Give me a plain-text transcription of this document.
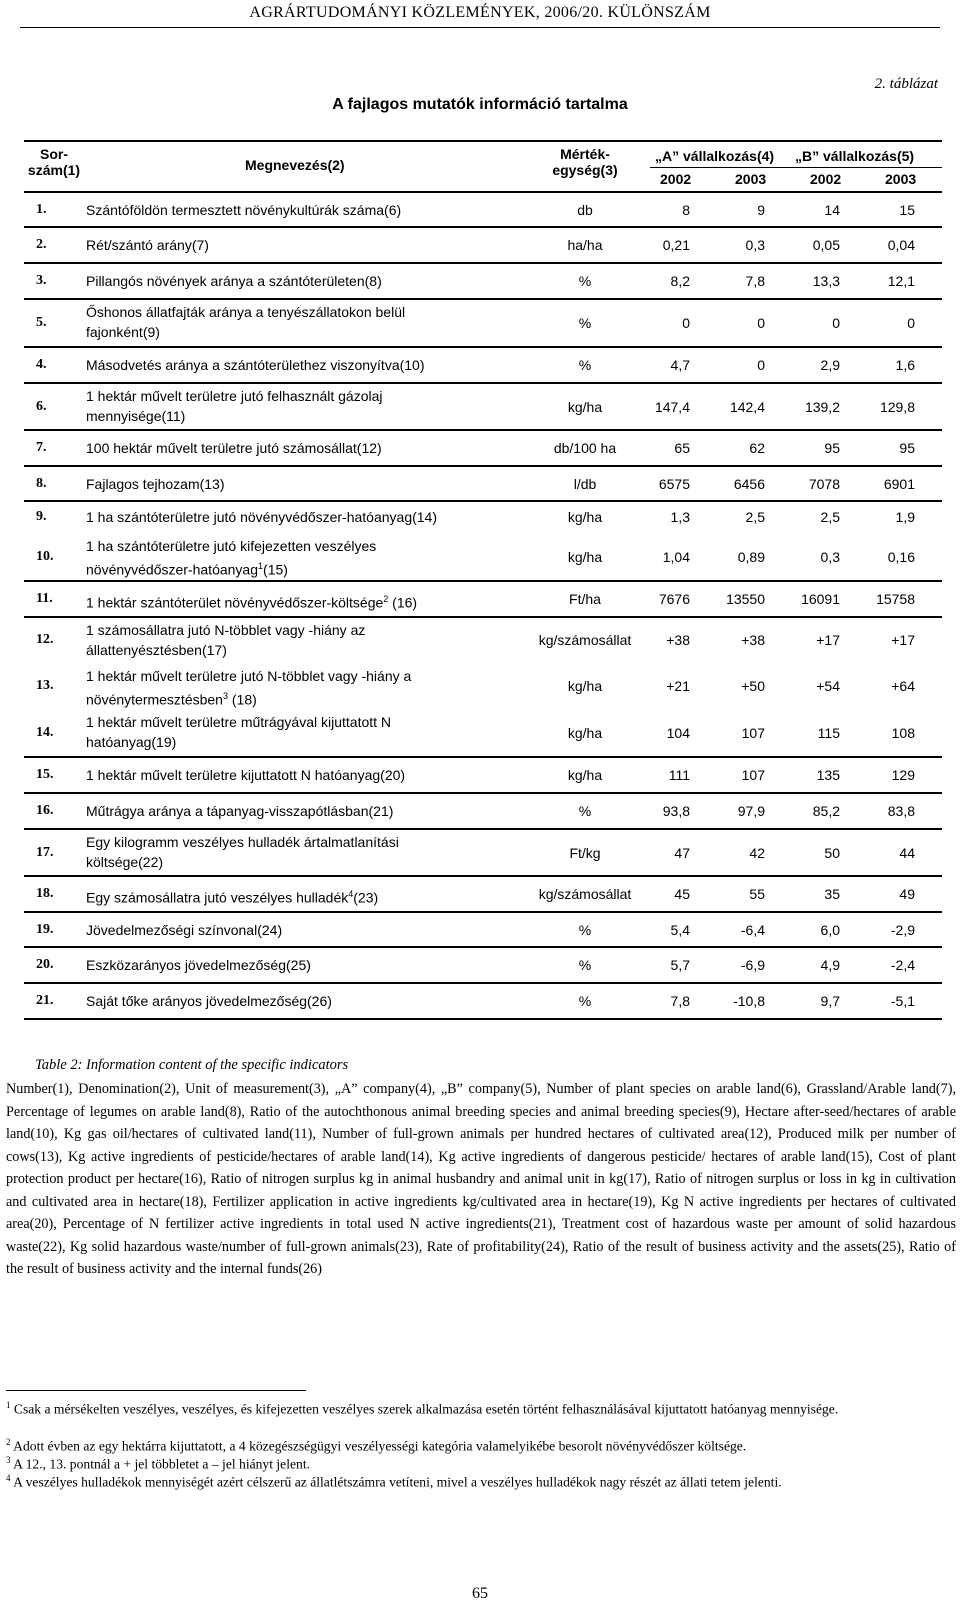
AGRÁRTUDOMÁNYI KÖZLEMÉNYEK, 2006/20. KÜLÖNSZÁM
2. táblázat
A fajlagos mutatók információ tartalma
Sor-
szám(1)	Megnevezés(2)
Mérték-
egység(3)
„A” vállalkozás(4) „B” vállalkozás(5)
2002	2003	2002	2003
1.	Szántóföldön termesztett növénykultúrák száma(6)	db	8	9	14	15
2.	Rét/szántó arány(7)	ha/ha	0,21	0,3	0,05	0,04
3.	Pillangós növények aránya a szántóterületen(8)	%	8,2	7,8	13,3	12,1
5.
Őshonos állatfajták aránya a tenyészállatokon belül
fajonként(9)
%	0	0	0	0
4.	Másodvetés aránya a szántóterülethez viszonyítva(10)	%	4,7	0	2,9	1,6
6.
1 hektár művelt területre jutó felhasznált gázolaj
mennyisége(11)
kg/ha	147,4	142,4	139,2	129,8
7.	100 hektár művelt területre jutó számosállat(12)	db/100 ha	65	62	95	95
8.	Fajlagos tejhozam(13)	l/db	6575	6456	7078	6901
9.	1 ha szántóterületre jutó növényvédőszer-hatóanyag(14)	kg/ha	1,3	2,5	2,5	1,9
10.
1 ha szántóterületre jutó kifejezetten veszélyes
növényvédőszer-hatóanyag$^1$(15)
kg/ha	1,04	0,89	0,3	0,16
11. 1 hektár szántóterület növényvédőszer-költsége$^2$ (16)	Ft/ha	7676	13550	16091	15758
12.
1 számosállatra jutó N-többlet vagy -hiány az
állattenyésztésben(17)
kg/számosállat	+38	+38	+17	+17
13.
1 hektár művelt területre jutó N-többlet vagy -hiány a
növénytermesztésben$^3$ (18)
kg/ha	+21	+50	+54	+64
14.
1 hektár művelt területre műtrágyával kijuttatott N
hatóanyag(19)
kg/ha	104	107	115	108
15. 1 hektár művelt területre kijuttatott N hatóanyag(20)	kg/ha	111	107	135	129
16. Műtrágya aránya a tápanyag-visszapótlásban(21)	%	93,8	97,9	85,2	83,8
17.
Egy kilogramm veszélyes hulladék ártalmatlanítási
költsége(22)
Ft/kg	47	42	50	44
18. Egy számosállatra jutó veszélyes hulladék$^4$(23)	kg/számosállat	45	55	35	49
19. Jövedelmezőségi színvonal(24)	%	5,4	-6,4	6,0	-2,9
20. Eszközarányos jövedelmezőség(25)	%	5,7	-6,9	4,9	-2,4
21. Saját tőke arányos jövedelmezőség(26)	%	7,8	-10,8	9,7	-5,1
Table 2: Information content of the specific indicators
Number(1), Denomination(2), Unit of measurement(3), „A” company(4), „B” company(5), Number of plant species on arable land(6), Grassland/Arable land(7), Percentage of legumes on arable land(8), Ratio of the autochthonous animal breeding species and animal breeding species(9), Hectare after-seed/hectares of arable land(10), Kg gas oil/hectares of cultivated land(11), Number of full-grown animals per hundred hectares of cultivated area(12), Produced milk per number of cows(13), Kg active ingredients of pesticide/hectares of arable land(14), Kg active ingredients of dangerous pesticide/ hectares of arable land(15), Cost of plant protection product per hectare(16), Ratio of nitrogen surplus kg in animal husbandry and animal unit in kg(17), Ratio of nitrogen surplus or loss in kg in cultivation and cultivated area in hectare(18), Fertilizer application in active ingredients kg/cultivated area in hectare(19), Kg N active ingredients per hectares of cultivated area(20), Percentage of N fertilizer active ingredients in total used N active ingredients(21), Treatment cost of hazardous waste per amount of solid hazardous waste(22), Kg solid hazardous waste/number of full-grown animals(23), Rate of profitability(24), Ratio of the result of business activity and the assets(25), Ratio of the result of business activity and the internal funds(26)
$^1$ Csak a mérsékelten veszélyes, veszélyes, és kifejezetten veszélyes szerek alkalmazása esetén történt felhasználásával kijuttatott hatóanyag mennyisége.
$^2$ Adott évben az egy hektárra kijuttatott, a 4 közegészségügyi veszélyességi kategória valamelyikébe besorolt növényvédőszer költsége.
$^3$ A 12., 13. pontnál a + jel többletet a – jel hiányt jelent.
$^4$ A veszélyes hulladékok mennyiségét azért célszerű az állatlétszámra vetíteni, mivel a veszélyes hulladékok nagy részét az állati tetem jelenti.
65
